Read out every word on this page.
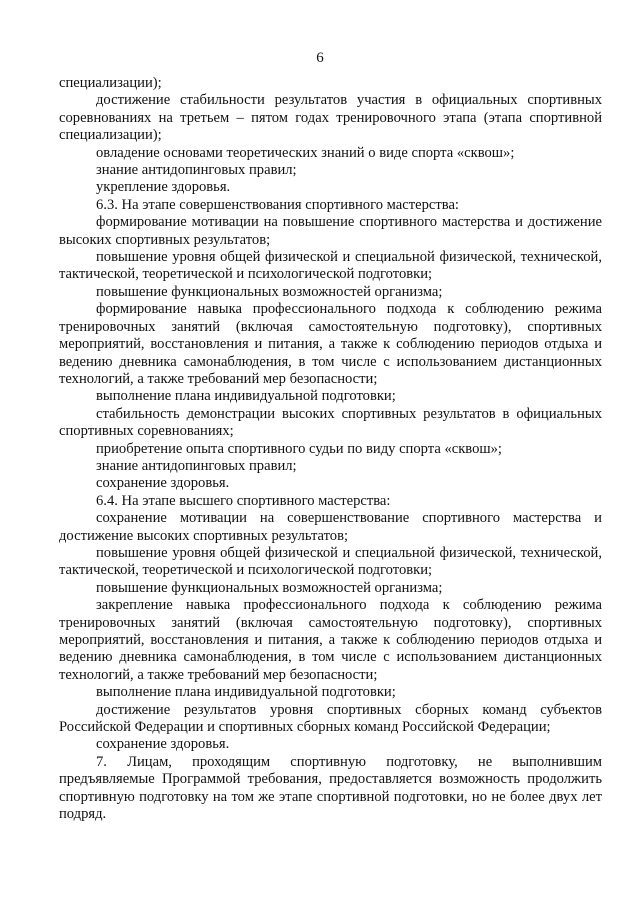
6

специализации);

достижение стабильности результатов участия в официальных спортивных соревнованиях на третьем – пятом годах тренировочного этапа (этапа спортивной специализации);

овладение основами теоретических знаний о виде спорта «сквош»;

знание антидопинговых правил;

укрепление здоровья.

6.3. На этапе совершенствования спортивного мастерства:

формирование мотивации на повышение спортивного мастерства и достижение высоких спортивных результатов;

повышение уровня общей физической и специальной физической, технической, тактической, теоретической и психологической подготовки;

повышение функциональных возможностей организма;

формирование навыка профессионального подхода к соблюдению режима тренировочных занятий (включая самостоятельную подготовку), спортивных мероприятий, восстановления и питания, а также к соблюдению периодов отдыха и ведению дневника самонаблюдения, в том числе с использованием дистанционных технологий, а также требований мер безопасности;

выполнение плана индивидуальной подготовки;

стабильность демонстрации высоких спортивных результатов в официальных спортивных соревнованиях;

приобретение опыта спортивного судьи по виду спорта «сквош»;

знание антидопинговых правил;

сохранение здоровья.

6.4. На этапе высшего спортивного мастерства:

сохранение мотивации на совершенствование спортивного мастерства и достижение высоких спортивных результатов;

повышение уровня общей физической и специальной физической, технической, тактической, теоретической и психологической подготовки;

повышение функциональных возможностей организма;

закрепление навыка профессионального подхода к соблюдению режима тренировочных занятий (включая самостоятельную подготовку), спортивных мероприятий, восстановления и питания, а также к соблюдению периодов отдыха и ведению дневника самонаблюдения, в том числе с использованием дистанционных технологий, а также требований мер безопасности;

выполнение плана индивидуальной подготовки;

достижение результатов уровня спортивных сборных команд субъектов Российской Федерации и спортивных сборных команд Российской Федерации;

сохранение здоровья.

7. Лицам, проходящим спортивную подготовку, не выполнившим предъявляемые Программой требования, предоставляется возможность продолжить спортивную подготовку на том же этапе спортивной подготовки, но не более двух лет подряд.
